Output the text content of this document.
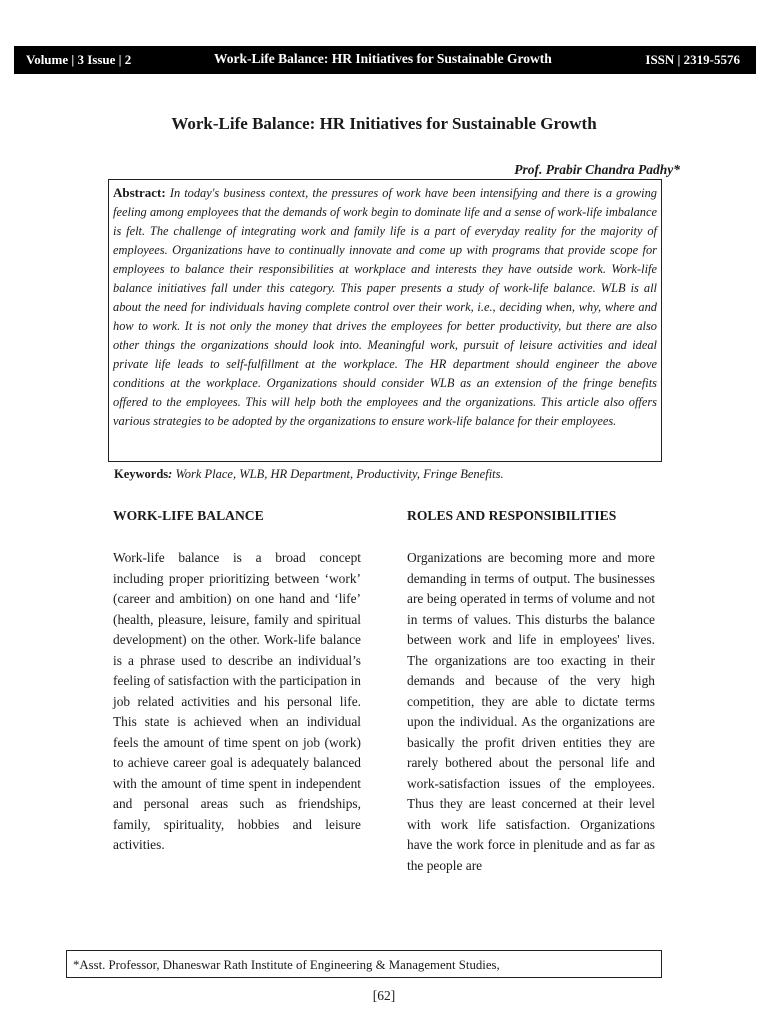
Volume | 3 Issue | 2	Work-Life Balance: HR Initiatives for Sustainable Growth	ISSN | 2319-5576
Work-Life Balance: HR Initiatives for Sustainable Growth
Prof. Prabir Chandra Padhy*
Abstract: In today's business context, the pressures of work have been intensifying and there is a growing feeling among employees that the demands of work begin to dominate life and a sense of work-life imbalance is felt. The challenge of integrating work and family life is a part of everyday reality for the majority of employees. Organizations have to continually innovate and come up with programs that provide scope for employees to balance their responsibilities at workplace and interests they have outside work. Work-life balance initiatives fall under this category. This paper presents a study of work-life balance. WLB is all about the need for individuals having complete control over their work, i.e., deciding when, why, where and how to work. It is not only the money that drives the employees for better productivity, but there are also other things the organizations should look into. Meaningful work, pursuit of leisure activities and ideal private life leads to self-fulfillment at the workplace. The HR department should engineer the above conditions at the workplace. Organizations should consider WLB as an extension of the fringe benefits offered to the employees. This will help both the employees and the organizations. This article also offers various strategies to be adopted by the organizations to ensure work-life balance for their employees.
Keywords: Work Place, WLB, HR Department, Productivity, Fringe Benefits.
WORK-LIFE BALANCE

Work-life balance is a broad concept including proper prioritizing between ‘work’ (career and ambition) on one hand and ‘life’ (health, pleasure, leisure, family and spiritual development) on the other. Work-life balance is a phrase used to describe an individual’s feeling of satisfaction with the participation in job related activities and his personal life. This state is achieved when an individual feels the amount of time spent on job (work) to achieve career goal is adequately balanced with the amount of time spent in independent and personal areas such as friendships, family, spirituality, hobbies and leisure activities.

ROLES AND RESPONSIBILITIES

Organizations are becoming more and more demanding in terms of output. The businesses are being operated in terms of volume and not in terms of values. This disturbs the balance between work and life in employees' lives. The organizations are too exacting in their demands and because of the very high competition, they are able to dictate terms upon the individual. As the organizations are basically the profit driven entities they are rarely bothered about the personal life and work-satisfaction issues of the employees. Thus they are least concerned at their level with work life satisfaction. Organizations have the work force in plenitude and as far as the people are

*Asst. Professor, Dhaneswar Rath Institute of Engineering & Management Studies,
[62]
